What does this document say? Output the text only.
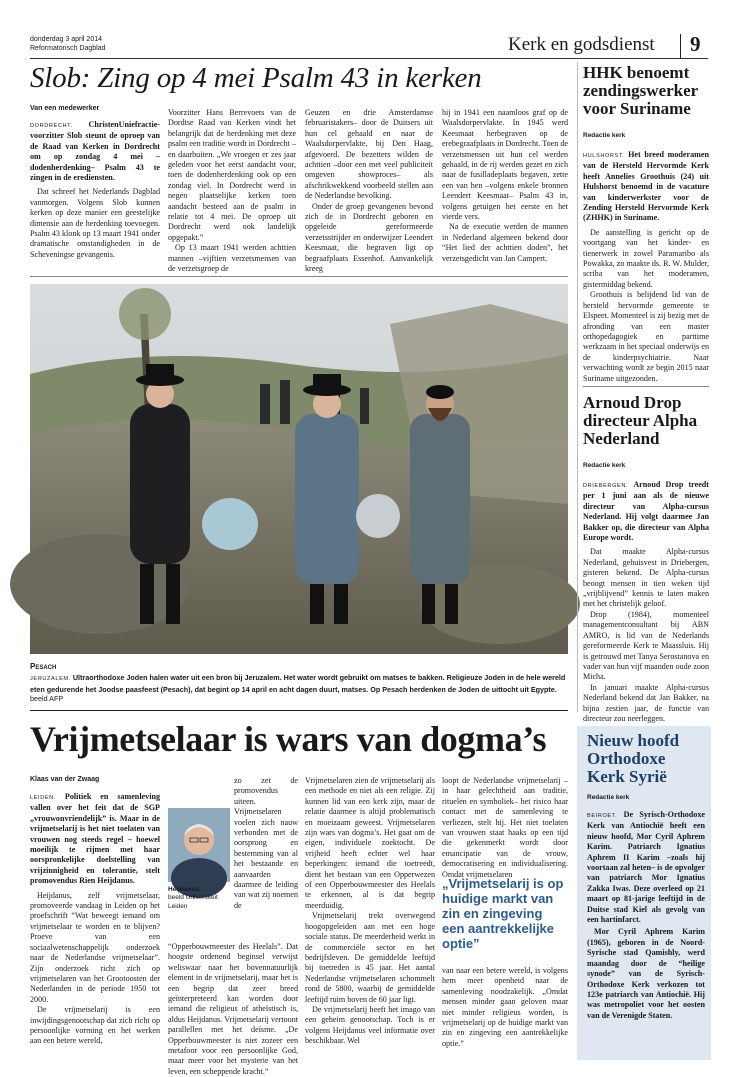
donderdag 3 april 2014
Reformatorisch Dagblad	Kerk en godsdienst 9
Slob: Zing op 4 mei Psalm 43 in kerken
Van een medewerker

DORDRECHT. ChristenUniefractie-voorzitter Slob steunt de oproep van de Raad van Kerken in Dordrecht om op zondag 4 mei –dodenherdenking– Psalm 43 te zingen in de erediensten.

Dat schreef het Nederlands Dagblad vanmorgen. Volgens Slob kunnen kerken op deze manier een geestelijke dimensie aan de herdenking toevoegen. Psalm 43 klonk op 13 maart 1941 onder dramatische omstandigheden in de Scheveningse gevangenis.

Voorzitter Hans Berrevoets van de Dordtse Raad van Kerken vindt het belangrijk dat de herdenking met deze psalm een traditie wordt in Dordrecht – en daarbuiten. „We vroegen er zes jaar geleden voor het eerst aandacht voor, toen de dodenherdenking ook op een zondag viel. In Dordrecht werd in negen plaatselijke kerken toen aandacht besteed aan de psalm in relatie tot 4 mei. De oproep uit Dordrecht werd ook landelijk opgepakt.”

Op 13 maart 1941 werden achttien mannen –vijftien verzetsmensen van de verzetsgroep de

Geuzen en drie Amsterdamse februaristakers– door de Duitsers uit hun cel gehaald en naar de Waalsdorpervlakte, bij Den Haag, afgevoerd. De bezetters wilden de achttien –door een met veel publiciteit omgeven showproces– als afschrikwekkend voorbeeld stellen aan de Nederlandse bevolking.

Onder de groep gevangenen bevond zich de in Dordrecht geboren en opgeleide gereformeerde verzetsstrijder en onderwijzer Leendert Keesmaat, die begraven ligt op begraafplaats Essenhof. Aanvankelijk kreeg

hij in 1941 een naamloos graf op de Waalsdorpervlakte. In 1945 werd Keesmaat herbegraven op de erebegraafplaats in Dordrecht. Toen de verzetsmensen uit hun cel werden gehaald, in de rij werden gezet en zich naar de fusilladeplaats begaven, zette een van hen –volgens enkele bronnen Leendert Keesmaat– Psalm 43 in, volgens getuigen het eerste en het vierde vers.

Na de executie werden de mannen in Nederland algemeen bekend door “Het lied der achttien doden”, het verzetsgedicht van Jan Campert.

Pesach
JERUZALEM. Ultraorthodoxe Joden halen water uit een bron bij Jeruzalem. Het water wordt gebruikt om matses te bakken. Religieuze Joden in de hele wereld eten gedurende het Joodse paasfeest (Pesach), dat begint op 14 april en acht dagen duurt, matses. Op Pesach herdenken de Joden de uittocht uit Egypte. beeld AFP
Vrijmetselaar is wars van dogma’s
Klaas van der Zwaag

LEIDEN. Politiek en samenleving vallen over het feit dat de SGP „vrouwonvriendelijk” is. Maar in de vrijmetselarij is het niet toelaten van vrouwen nog steeds regel – hoewel moeilijk te rijmen met haar oorspronkelijke doelstelling van vrijzinnigheid en tolerantie, stelt promovendus Rien Heijdanus.

Heijdanus, zelf vrijmetselaar, promoveerde vandaag in Leiden op het proefschrift “Wat beweegt iemand om vrijmetselaar te worden en te blijven? Proeve van een sociaalwetenschappelijk onderzoek naar de Nederlandse vrijmetselaar”. Zijn onderzoek richt zich op vrijmetselaren van het Grootoosten der Nederlanden in de periode 1950 tot 2000.

De vrijmetselarij is een inwijdingsgenootschap dat zich richt op persoonlijke vorming en het werken aan een betere wereld,

Heijdanus.
beeld Universiteit Leiden

zo zet de promovendus uiteen. Vrijmetselaren voelen zich nauw verbonden met de oorsprong en bestemming van al het bestaande en aanvaarden daarmee de leiding van wat zij noemen de “Opperbouwmeester des Heelals”. Dat hoogste ordenend beginsel verwijst weliswaar naar het bovennatuurlijk element in de vrijmetselarij, maar het is een begrip dat zeer breed geïnterpreteerd kan worden door iemand die religieus of atheïstisch is, aldus Heijdanus. Vrijmetselarij vertoont parallellen met het deïsme. „De Opperbouwmeester is niet zozeer een metafoor voor een persoonlijke God, maar meer voor het mysterie van het leven, een scheppende kracht.”

Vrijmetselaren zien de vrijmetselarij als een methode en niet als een religie. Zij kunnen lid van een kerk zijn, maar de relatie daarmee is altijd problematisch en moeizaam geweest. Vrijmetselaren zijn wars van dogma’s. Het gaat om de eigen, individuele zoektocht. De vrijheid heeft echter wel haar beperkingen: iemand die toetreedt, dient het bestaan van een Opperwezen of een Opperbouwmeester des Heelals te erkennen, al is dat begrip meerduidig.

Vrijmetselarij trekt overwegend hoogopgeleiden aan met een hoge sociale status. De meerderheid werkt in de commerciële sector en het bedrijfsleven. De gemiddelde leeftijd bij toetreden is 45 jaar. Het aantal Nederlandse vrijmetselaren schommelt rond de 5800, waarbij de gemiddelde leeftijd ruim boven de 60 jaar ligt.

De vrijmetselarij heeft het imago van een geheim genootschap. Toch is er volgens Heijdanus veel informatie over beschikbaar. Wel

loopt de Nederlandse vrijmetselarij –in haar gelechtheid aan traditie, rituelen en symboliek– het risico haar contact met de samenleving te verliezen, stelt hij. Het niet toelaten van vrouwen staat haaks op een tijd die gekenmerkt wordt door emancipatie van de vrouw, democratisering en individualisering. Omdat vrijmetselaren

„Vrijmetselarij is op huidige markt van zin en zingeving een aantrekkelijke optie”

van naar een betere wereld, is volgens hem meer openheid naar de samenleving noodzakelijk. „Omdat mensen minder gaan geloven maar niet minder religieus worden, is vrijmetselarij op de huidige markt van zin en zingeving een aantrekkelijke optie.”

HHK benoemt zendingswerker voor Suriname
Redactie kerk

HULSHORST. Het breed moderamen van de Hersteld Hervormde Kerk heeft Annelies Groothuis (24) uit Hulshorst benoemd in de vacature van kinderwerkster voor de Zending Hersteld Hervormde Kerk (ZHHK) in Suriname.

De aanstelling is gericht op de voortgang van het kinder- en tienerwerk in zowel Paramaribo als Powakka, zo maakte ds. R. W. Mulder, scriba van het moderamen, gistermiddag bekend.

Groothuis is belijdend lid van de hersteld hervormde gemeente te Elspeet. Momenteel is zij bezig met de afronding van een master orthopedagogiek en parttime werkzaam in het speciaal onderwijs en de kinderpsychiatrie. Naar verwachting wordt ze begin 2015 naar Suriname uitgezonden.

Arnoud Drop directeur Alpha Nederland
Redactie kerk

DRIEBERGEN. Arnoud Drop treedt per 1 juni aan als de nieuwe directeur van Alpha-cursus Nederland. Hij volgt daarmee Jan Bakker op, die directeur van Alpha Europe wordt.

Dat maakte Alpha-cursus Nederland, gehuisvest in Driebergen, gisteren bekend. De Alpha-cursus beoogt mensen in tien weken tijd „vrijblijvend” kennis te laten maken met het christelijk geloof.

Drop (1984), momenteel managementconsultant bij ABN AMRO, is lid van de Nederlands gereformeerde Kerk te Maassluis. Hij is getrouwd met Tanya Serostanova en vader van hun vijf maanden oude zoon Micha.

In januari maakte Alpha-cursus Nederland bekend dat Jan Bakker, na bijna zestien jaar, de functie van directeur zou neerleggen.

Nieuw hoofd Orthodoxe Kerk Syrië
Redactie kerk

BEIROET. De Syrisch-Orthodoxe Kerk van Antiochië heeft een nieuw hoofd, Mor Cyril Aphrem Karim. Patriarch Ignatius Aphrem II Karim –zoals hij voortaan zal heten– is de opvolger van patriarch Mor Ignatius Zakka Iwas. Deze overleed op 21 maart op 81-jarige leeftijd in de Duitse stad Kiel als gevolg van een hartinfarct.

Mor Cyril Aphrem Karim (1965), geboren in de Noord-Syrische stad Qamishly, werd maandag door de “heilige synode” van de Syrisch-Orthodoxe Kerk verkozen tot 123e patriarch van Antiochië. Hij was metropoliet voor het oosten van de Verenigde Staten.
